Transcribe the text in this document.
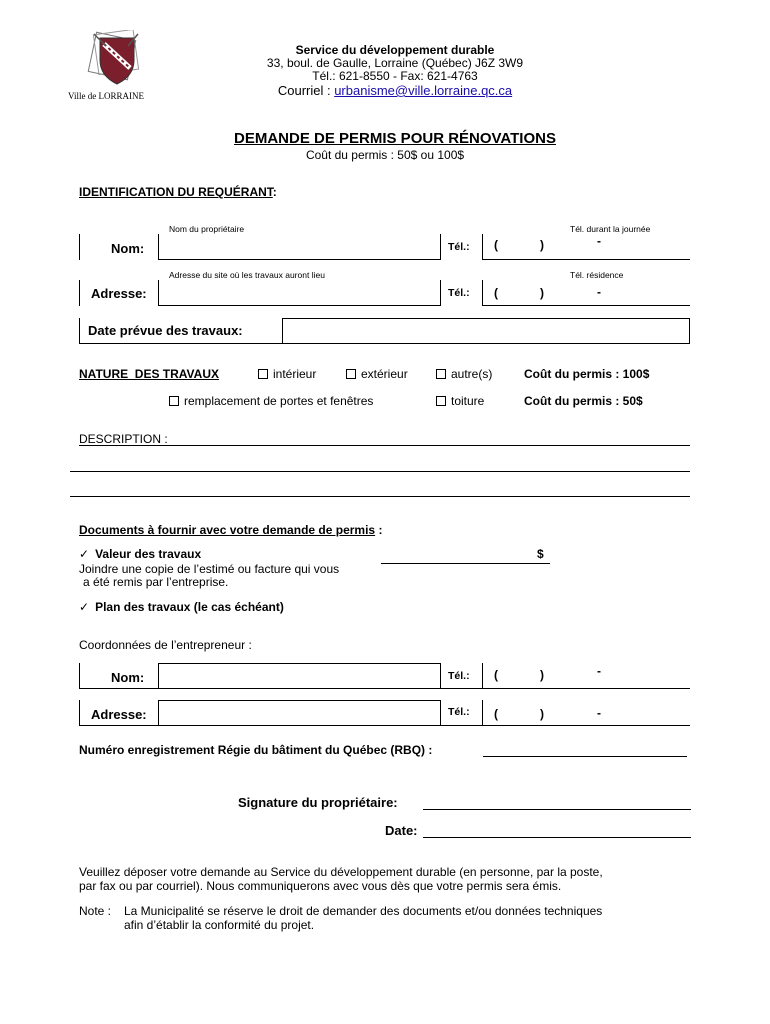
Ville de LORRAINE
Service du développement durable
33, boul. de Gaulle, Lorraine (Québec) J6Z 3W9
Tél.: 621-8550 - Fax: 621-4763
Courriel : urbanisme@ville.lorraine.qc.ca
DEMANDE DE PERMIS POUR RÉNOVATIONS
Coût du permis : 50$ ou 100$
IDENTIFICATION DU REQUÉRANT:
Nom du propriétaire	Tél. durant la journée
Nom:	Tél.: (	)	-
Adresse du site où les travaux auront lieu	Tél. résidence
Adresse:	Tél.: (	)	-
Date prévue des travaux:
NATURE  DES TRAVAUX	intérieur	extérieur	autre(s)	Coût du permis : 100$
remplacement de portes et fenêtres	toiture	Coût du permis : 50$
DESCRIPTION :
Documents à fournir avec votre demande de permis :
✓ Valeur des travaux	$
Joindre une copie de l’estimé ou facture qui vous
a été remis par l’entreprise.
✓ Plan des travaux (le cas échéant)
Coordonnées de l’entrepreneur :
Nom:	Tél.: (	)	-
Adresse:	Tél.: (	)	-
Numéro enregistrement Régie du bâtiment du Québec (RBQ) :
Signature du propriétaire:
Date:
Veuillez déposer votre demande au Service du développement durable (en personne, par la poste,
par fax ou par courriel). Nous communiquerons avec vous dès que votre permis sera émis.
Note : La Municipalité se réserve le droit de demander des documents et/ou données techniques
afin d’établir la conformité du projet.
